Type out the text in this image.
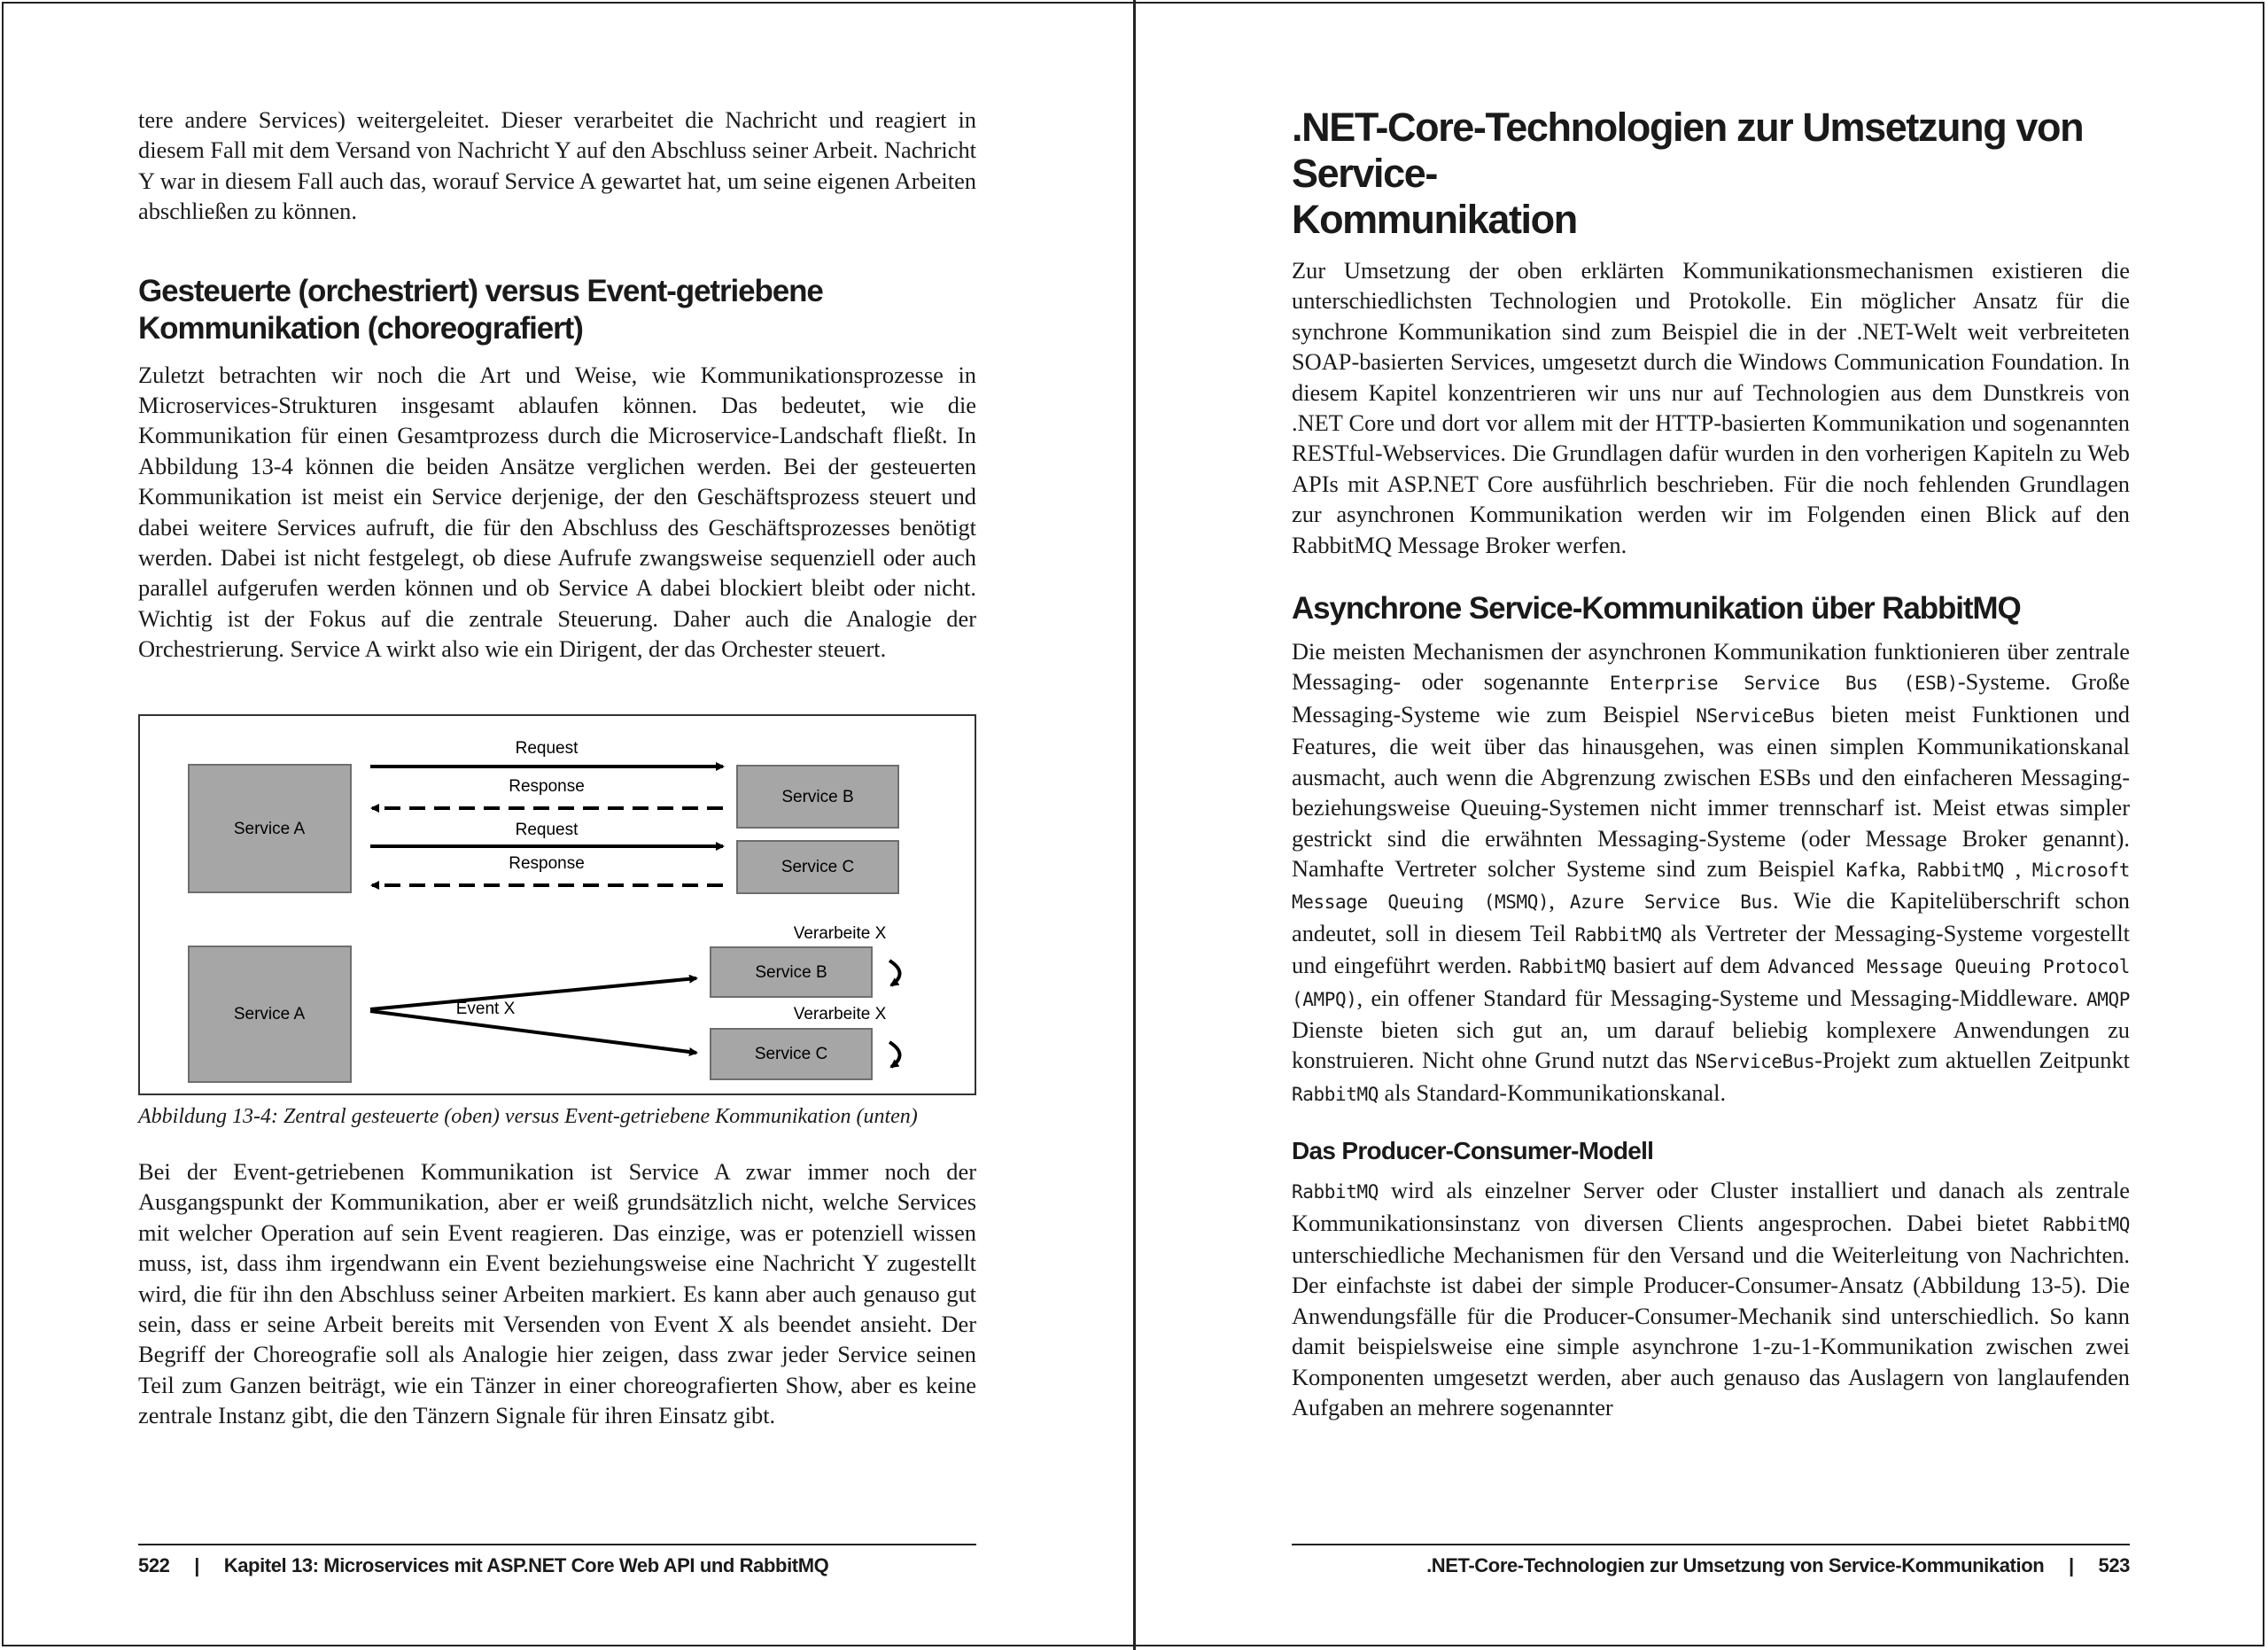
tere andere Services) weitergeleitet. Dieser verarbeitet die Nachricht und reagiert in diesem Fall mit dem Versand von Nachricht Y auf den Abschluss seiner Arbeit. Nachricht Y war in diesem Fall auch das, worauf Service A gewartet hat, um seine eigenen Arbeiten abschließen zu können.

Gesteuerte (orchestriert) versus Event-getriebene
Kommunikation (choreografiert)

Zuletzt betrachten wir noch die Art und Weise, wie Kommunikationsprozesse in Microservices-Strukturen insgesamt ablaufen können. Das bedeutet, wie die Kommunikation für einen Gesamtprozess durch die Microservice-Landschaft fließt. In Abbildung 13-4 können die beiden Ansätze verglichen werden. Bei der gesteuerten Kommunikation ist meist ein Service derjenige, der den Geschäftsprozess steuert und dabei weitere Services aufruft, die für den Abschluss des Geschäftsprozesses benötigt werden. Dabei ist nicht festgelegt, ob diese Aufrufe zwangsweise sequenziell oder auch parallel aufgerufen werden können und ob Service A dabei blockiert bleibt oder nicht. Wichtig ist der Fokus auf die zentrale Steuerung. Daher auch die Analogie der Orchestrierung. Service A wirkt also wie ein Dirigent, der das Orchester steuert.

Service A
Service B
Service C
Request
Response
Request
Response
Service A
Service B
Service C
Event X
Verarbeite X
Verarbeite X

Abbildung 13-4: Zentral gesteuerte (oben) versus Event-getriebene Kommunikation (unten)

Bei der Event-getriebenen Kommunikation ist Service A zwar immer noch der Ausgangspunkt der Kommunikation, aber er weiß grundsätzlich nicht, welche Services mit welcher Operation auf sein Event reagieren. Das einzige, was er potenziell wissen muss, ist, dass ihm irgendwann ein Event beziehungsweise eine Nachricht Y zugestellt wird, die für ihn den Abschluss seiner Arbeiten markiert. Es kann aber auch genauso gut sein, dass er seine Arbeit bereits mit Versenden von Event X als beendet ansieht. Der Begriff der Choreografie soll als Analogie hier zeigen, dass zwar jeder Service seinen Teil zum Ganzen beiträgt, wie ein Tänzer in einer choreografierten Show, aber es keine zentrale Instanz gibt, die den Tänzern Signale für ihren Einsatz gibt.

.NET-Core-Technologien zur Umsetzung von Service-
Kommunikation

Zur Umsetzung der oben erklärten Kommunikationsmechanismen existieren die unterschiedlichsten Technologien und Protokolle. Ein möglicher Ansatz für die synchrone Kommunikation sind zum Beispiel die in der .NET-Welt weit verbreiteten SOAP-basierten Services, umgesetzt durch die Windows Communication Foundation. In diesem Kapitel konzentrieren wir uns nur auf Technologien aus dem Dunstkreis von .NET Core und dort vor allem mit der HTTP-basierten Kommunikation und sogenannten RESTful-Webservices. Die Grundlagen dafür wurden in den vorherigen Kapiteln zu Web APIs mit ASP.NET Core ausführlich beschrieben. Für die noch fehlenden Grundlagen zur asynchronen Kommunikation werden wir im Folgenden einen Blick auf den RabbitMQ Message Broker werfen.

Asynchrone Service-Kommunikation über RabbitMQ

Die meisten Mechanismen der asynchronen Kommunikation funktionieren über zentrale Messaging- oder sogenannte Enterprise Service Bus (ESB)-Systeme. Große Messaging-Systeme wie zum Beispiel NServiceBus bieten meist Funktionen und Features, die weit über das hinausgehen, was einen simplen Kommunikationskanal ausmacht, auch wenn die Abgrenzung zwischen ESBs und den einfacheren Messaging- beziehungsweise Queuing-Systemen nicht immer trennscharf ist. Meist etwas simpler gestrickt sind die erwähnten Messaging-Systeme (oder Message Broker genannt). Namhafte Vertreter solcher Systeme sind zum Beispiel Kafka, RabbitMQ , Microsoft Message Queuing (MSMQ), Azure Service Bus. Wie die Kapitelüberschrift schon andeutet, soll in diesem Teil RabbitMQ als Vertreter der Messaging-Systeme vorgestellt und eingeführt werden. RabbitMQ basiert auf dem Advanced Message Queuing Protocol (AMPQ), ein offener Standard für Messaging-Systeme und Messaging-Middleware. AMQP Dienste bieten sich gut an, um darauf beliebig komplexere Anwendungen zu konstruieren. Nicht ohne Grund nutzt das NServiceBus-Projekt zum aktuellen Zeitpunkt RabbitMQ als Standard-Kommunikationskanal.

Das Producer-Consumer-Modell

RabbitMQ wird als einzelner Server oder Cluster installiert und danach als zentrale Kommunikationsinstanz von diversen Clients angesprochen. Dabei bietet RabbitMQ unterschiedliche Mechanismen für den Versand und die Weiterleitung von Nachrichten. Der einfachste ist dabei der simple Producer-Consumer-Ansatz (Abbildung 13-5). Die Anwendungsfälle für die Producer-Consumer-Mechanik sind unterschiedlich. So kann damit beispielsweise eine simple asynchrone 1-zu-1-Kommunikation zwischen zwei Komponenten umgesetzt werden, aber auch genauso das Auslagern von langlaufenden Aufgaben an mehrere sogenannter

522 | Kapitel 13: Microservices mit ASP.NET Core Web API und RabbitMQ	.NET-Core-Technologien zur Umsetzung von Service-Kommunikation | 523
